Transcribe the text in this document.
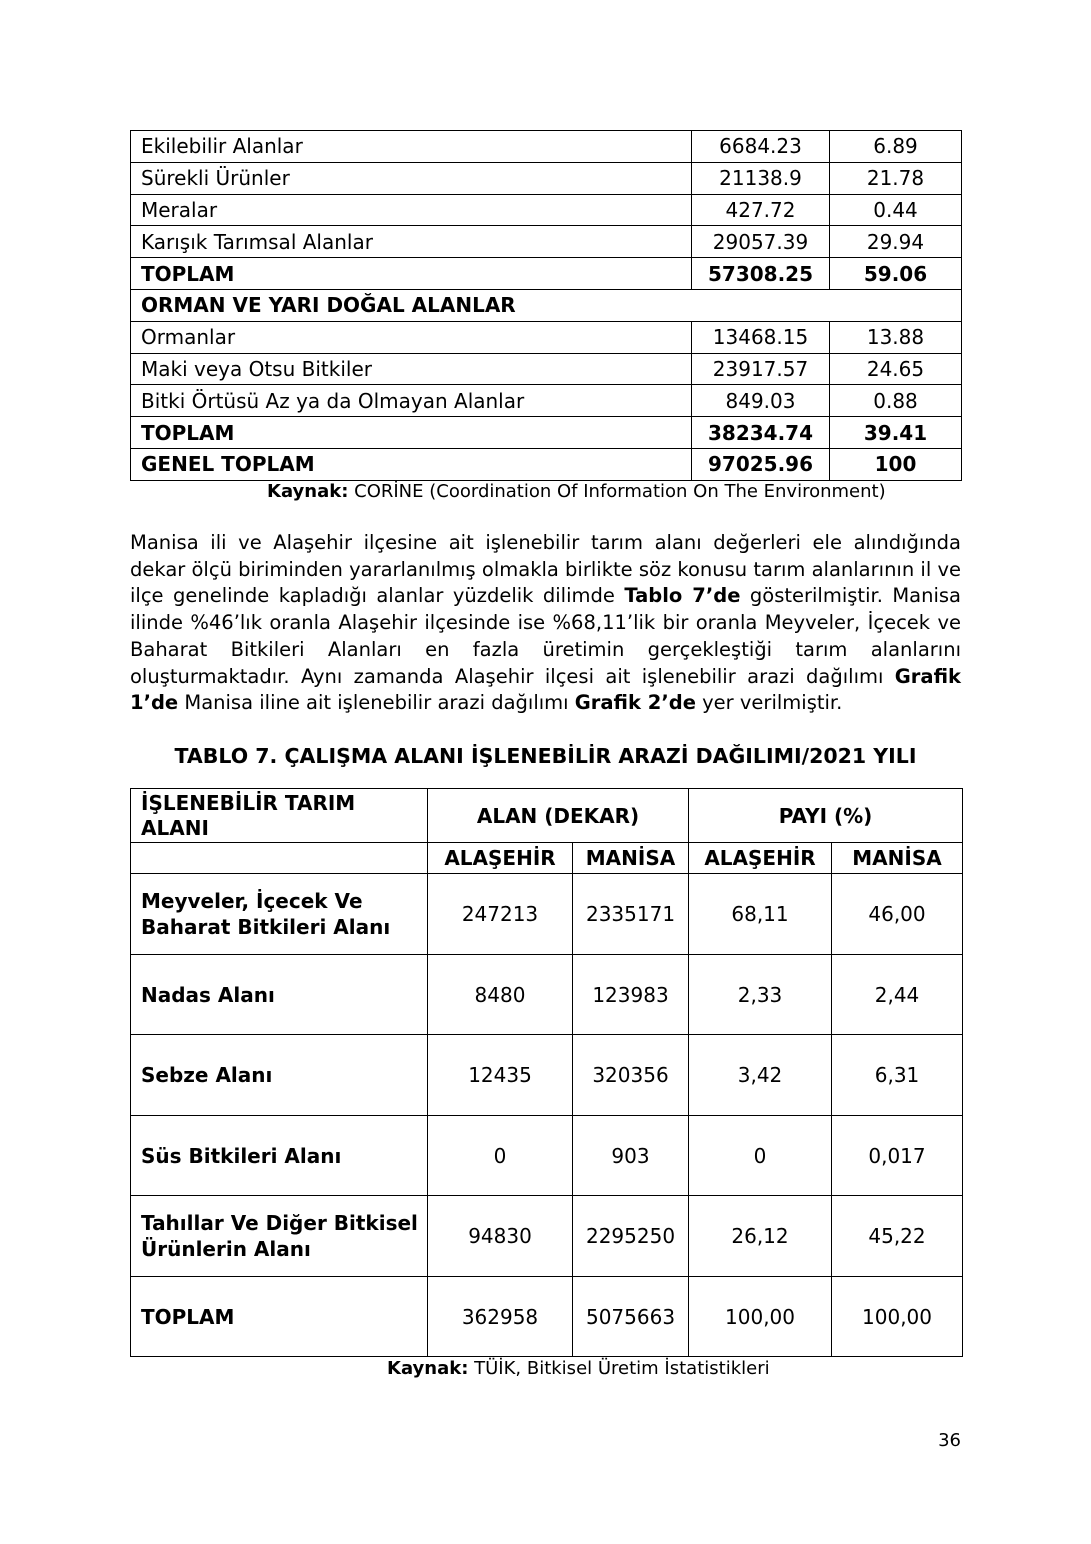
Ekilebilir Alanlar	6684.23	6.89
Sürekli Ürünler	21138.9	21.78
Meralar	427.72	0.44
Karışık Tarımsal Alanlar	29057.39	29.94
TOPLAM	57308.25	59.06
ORMAN VE YARI DOĞAL ALANLAR		
Ormanlar	13468.15	13.88
Maki veya Otsu Bitkiler	23917.57	24.65
Bitki Örtüsü Az ya da Olmayan Alanlar	849.03	0.88
TOPLAM	38234.74	39.41
GENEL TOPLAM	97025.96	100
Kaynak: CORİNE (Coordination Of Information On The Environment)

Manisa ili ve Alaşehir ilçesine ait işlenebilir tarım alanı değerleri ele alındığında dekar ölçü biriminden yararlanılmış olmakla birlikte söz konusu tarım alanlarının il ve ilçe genelinde kapladığı alanlar yüzdelik dilimde Tablo 7’de gösterilmiştir. Manisa ilinde %46’lık oranla Alaşehir ilçesinde ise %68,11’lik bir oranla Meyveler, İçecek ve Baharat Bitkileri Alanları en fazla üretimin gerçekleştiği tarım alanlarını oluşturmaktadır. Aynı zamanda Alaşehir ilçesi ait işlenebilir arazi dağılımı Grafik 1’de Manisa iline ait işlenebilir arazi dağılımı Grafik 2’de yer verilmiştir.

TABLO 7. ÇALIŞMA ALANI İŞLENEBİLİR ARAZİ DAĞILIMI/2021 YILI
İŞLENEBİLİR TARIM ALANI	ALAN (DEKAR)		PAYI (%)	
	ALAŞEHİR	MANİSA	ALAŞEHİR	MANİSA
Meyveler, İçecek Ve Baharat Bitkileri Alanı	247213	2335171	68,11	46,00
Nadas Alanı	8480	123983	2,33	2,44
Sebze Alanı	12435	320356	3,42	6,31
Süs Bitkileri Alanı	0	903	0	0,017
Tahıllar Ve Diğer Bitkisel Ürünlerin Alanı	94830	2295250	26,12	45,22
TOPLAM	362958	5075663	100,00	100,00
Kaynak: TÜİK, Bitkisel Üretim İstatistikleri
36
